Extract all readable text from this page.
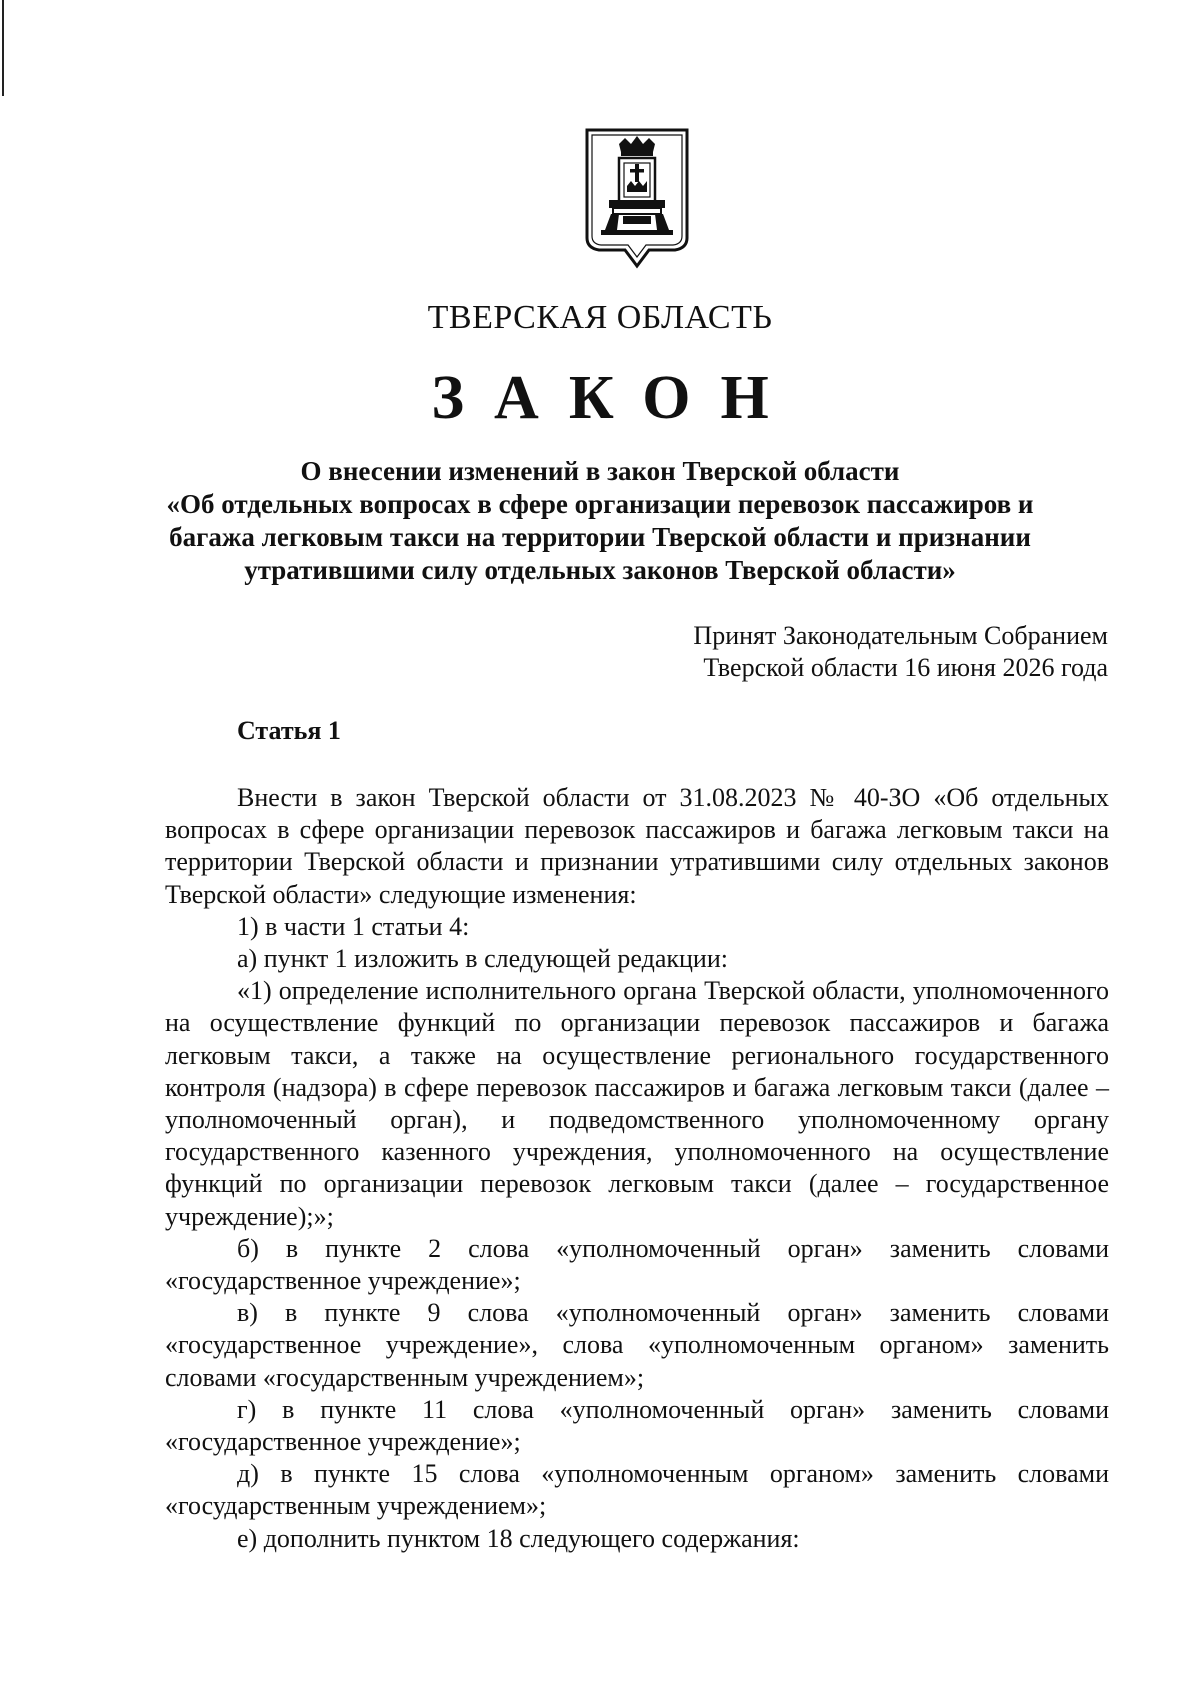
ТВЕРСКАЯ ОБЛАСТЬ
ЗАКОН
О внесении изменений в закон Тверской области
«Об отдельных вопросах в сфере организации перевозок пассажиров и
багажа легковым такси на территории Тверской области и признании
утратившими силу отдельных законов Тверской области»
Принят Законодательным Собранием
Тверской области 16 июня 2026 года
Статья 1

Внести в закон Тверской области от 31.08.2023 № 40-ЗО «Об отдельных вопросах в сфере организации перевозок пассажиров и багажа легковым такси на территории Тверской области и признании утратившими силу отдельных законов Тверской области» следующие изменения:

1) в части 1 статьи 4:

а) пункт 1 изложить в следующей редакции:

«1) определение исполнительного органа Тверской области, уполномоченного на осуществление функций по организации перевозок пассажиров и багажа легковым такси, а также на осуществление регионального государственного контроля (надзора) в сфере перевозок пассажиров и багажа легковым такси (далее – уполномоченный орган), и подведомственного уполномоченному органу государственного казенного учреждения, уполномоченного на осуществление функций по организации перевозок легковым такси (далее – государственное учреждение);»;

б) в пункте 2 слова «уполномоченный орган» заменить словами «государственное учреждение»;

в) в пункте 9 слова «уполномоченный орган» заменить словами «государственное учреждение», слова «уполномоченным органом» заменить словами «государственным учреждением»;

г) в пункте 11 слова «уполномоченный орган» заменить словами «государственное учреждение»;

д) в пункте 15 слова «уполномоченным органом» заменить словами «государственным учреждением»;

е) дополнить пунктом 18 следующего содержания:
